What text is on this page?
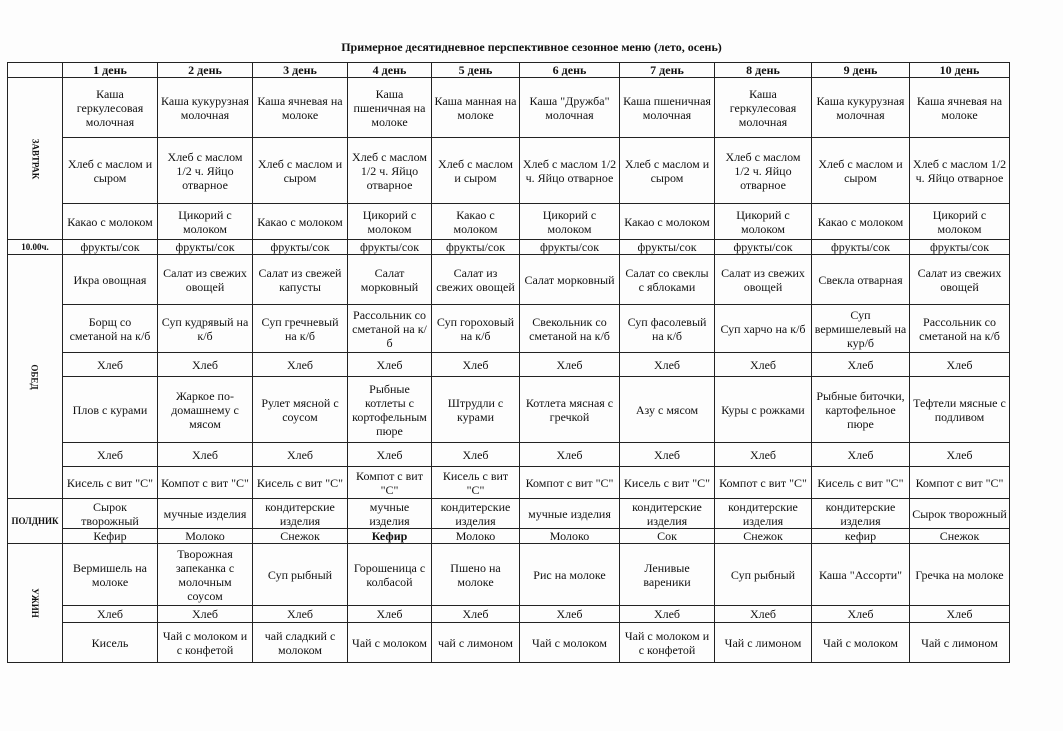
Примерное десятидневное перспективное сезонное меню (лето, осень)
	1 день	2 день	3 день	4 день	5 день	6 день	7 день	8 день	9 день	10 день
ЗАВТРАК	Каша геркулесовая молочная	Каша кукурузная молочная	Каша ячневая на молоке	Каша пшеничная на молоке	Каша манная на молоке	Каша "Дружба" молочная	Каша пшеничная молочная	Каша геркулесовая молочная	Каша кукурузная молочная	Каша ячневая на молоке
	Хлеб с маслом и сыром	Хлеб с маслом 1/2 ч. Яйцо отварное	Хлеб с маслом и сыром	Хлеб с маслом 1/2 ч. Яйцо отварное	Хлеб с маслом и сыром	Хлеб с маслом 1/2 ч. Яйцо отварное	Хлеб с маслом и сыром	Хлеб с маслом 1/2 ч. Яйцо отварное	Хлеб с маслом и сыром	Хлеб с маслом 1/2 ч. Яйцо отварное
	Какао с молоком	Цикорий с молоком	Какао с молоком	Цикорий с молоком	Какао с молоком	Цикорий с молоком	Какао с молоком	Цикорий с молоком	Какао с молоком	Цикорий с молоком
10.00ч.	фрукты/сок	фрукты/сок	фрукты/сок	фрукты/сок	фрукты/сок	фрукты/сок	фрукты/сок	фрукты/сок	фрукты/сок	фрукты/сок
ОБЕД	Икра овощная	Салат из свежих овощей	Салат из свежей капусты	Салат морковный	Салат из свежих овощей	Салат морковный	Салат со свеклы с яблоками	Салат из свежих овощей	Свекла отварная	Салат из свежих овощей
	Борщ со сметаной на к/б	Суп кудрявый на к/б	Суп гречневый на к/б	Рассольник со сметаной на к/б	Суп гороховый на к/б	Свекольник со сметаной на к/б	Суп фасолевый на к/б	Суп харчо на к/б	Суп вермишелевый на кур/б	Рассольник со сметаной на к/б
	Хлеб	Хлеб	Хлеб	Хлеб	Хлеб	Хлеб	Хлеб	Хлеб	Хлеб	Хлеб
	Плов с курами	Жаркое по-домашнему с мясом	Рулет мясной с соусом	Рыбные котлеты с кортофельным пюре	Штрудли с курами	Котлета мясная с гречкой	Азу с мясом	Куры с рожками	Рыбные биточки, картофельное пюре	Тефтели мясные с подливом
	Хлеб	Хлеб	Хлеб	Хлеб	Хлеб	Хлеб	Хлеб	Хлеб	Хлеб	Хлеб
	Кисель с вит "С"	Компот с вит "С"	Кисель с вит "С"	Компот с вит "С"	Кисель с вит "С"	Компот с вит "С"	Кисель с вит "С"	Компот с вит "С"	Кисель с вит "С"	Компот с вит "С"
ПОЛДНИК	Сырок творожный	мучные изделия	кондитерские изделия	мучные изделия	кондитерские изделия	мучные изделия	кондитерские изделия	кондитерские изделия	кондитерские изделия	Сырок творожный
	Кефир	Молоко	Снежок	Кефир	Молоко	Молоко	Сок	Снежок	кефир	Снежок
УЖИН	Вермишель на молоке	Творожная запеканка с молочным соусом	Суп рыбный	Горошеница с колбасой	Пшено на молоке	Рис на молоке	Ленивые вареники	Суп рыбный	Каша "Ассорти"	Гречка на молоке
	Хлеб	Хлеб	Хлеб	Хлеб	Хлеб	Хлеб	Хлеб	Хлеб	Хлеб	Хлеб
	Кисель	Чай с молоком и с конфетой	чай сладкий с молоком	Чай с молоком	чай с лимоном	Чай с молоком	Чай с молоком и с конфетой	Чай с лимоном	Чай с молоком	Чай с лимоном
